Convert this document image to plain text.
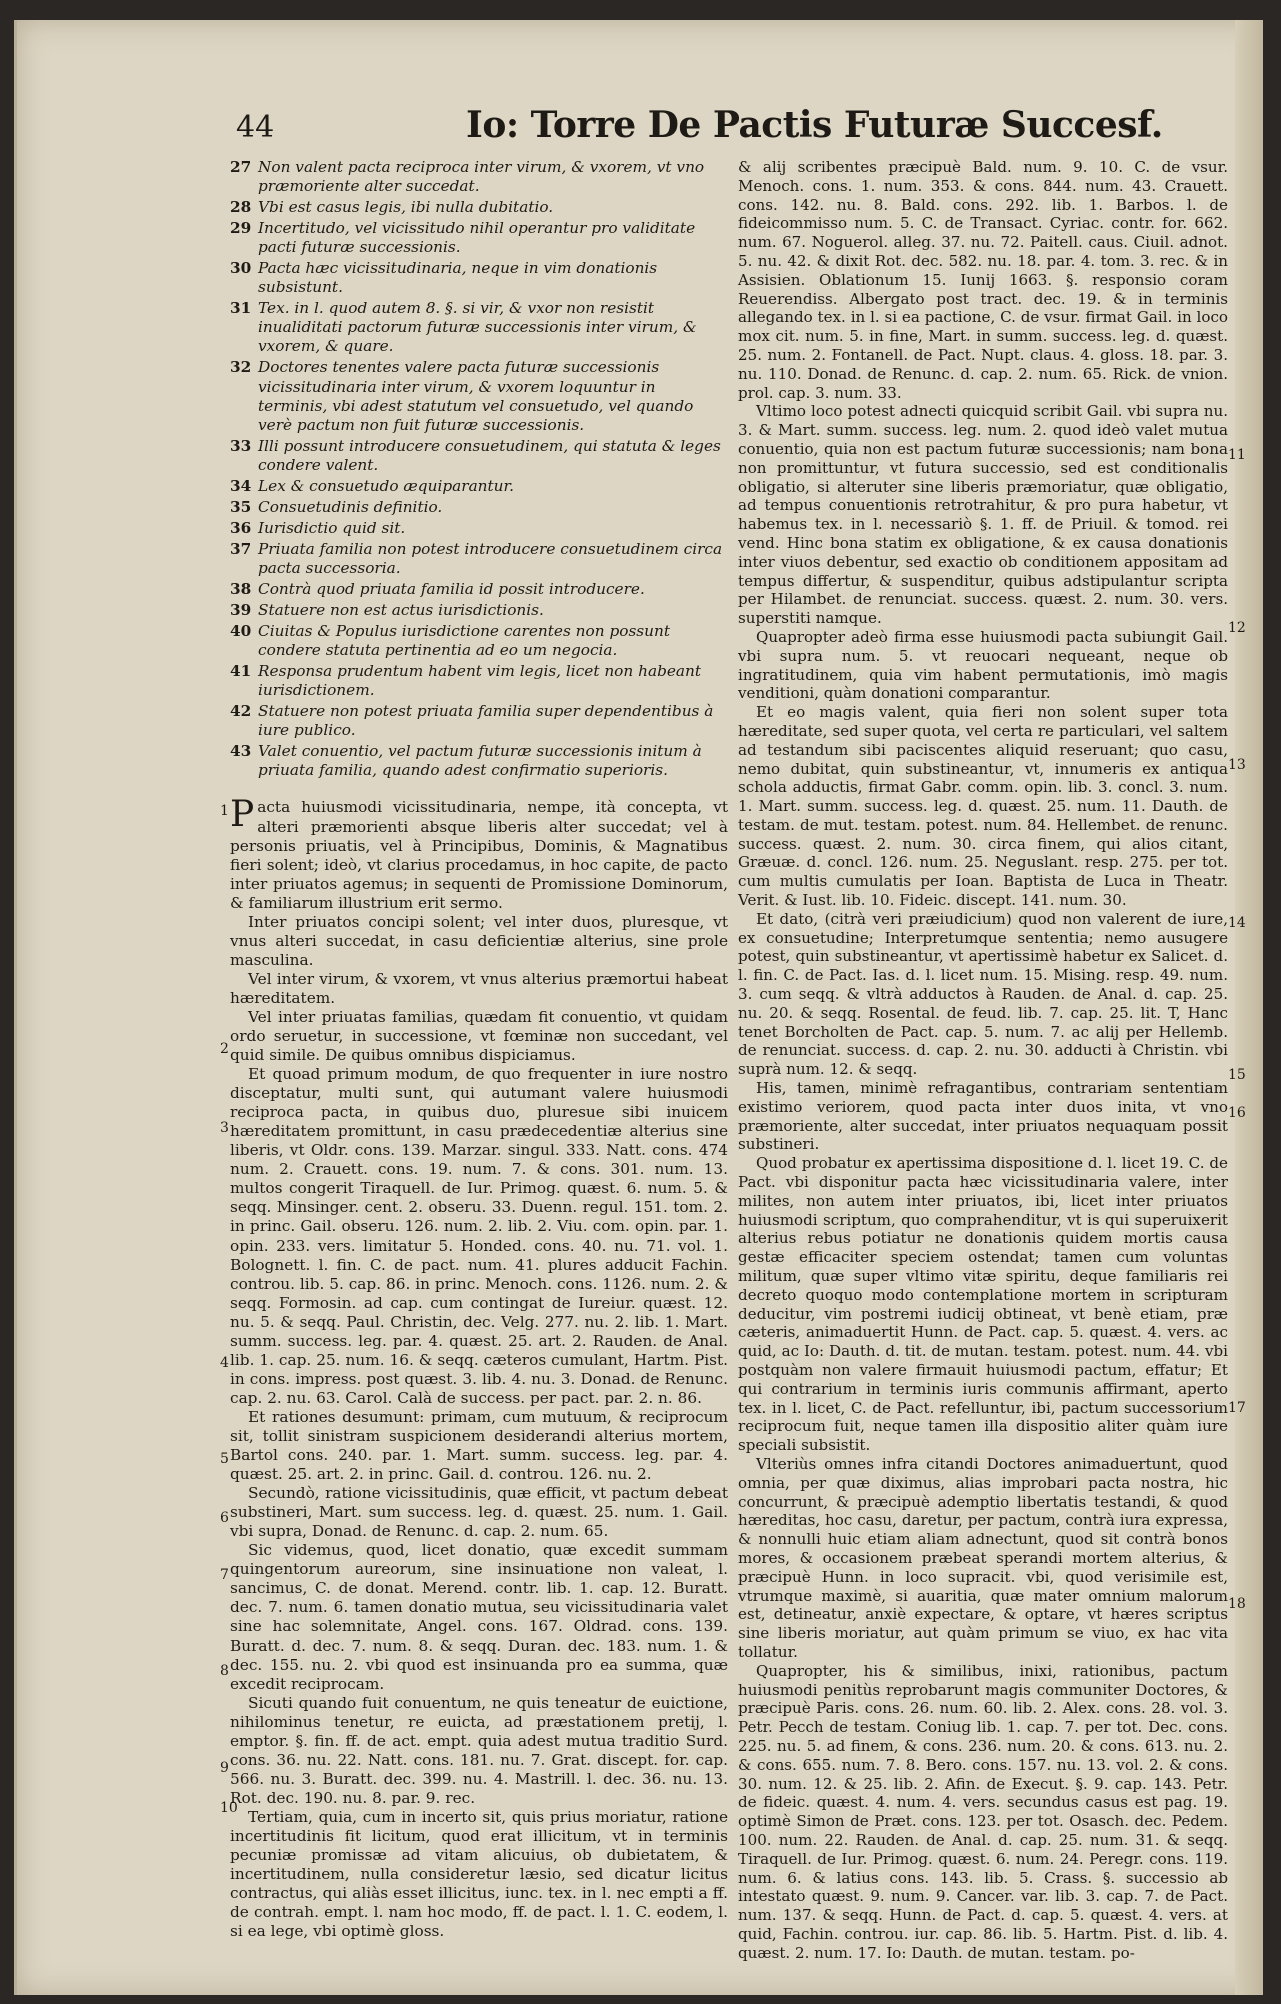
44	Io: Torre De Pactis Futuræ Succesf.

27 Non valent pacta reciproca inter virum, & vxorem, vt vno præmoriente alter succedat.

28 Vbi est casus legis, ibi nulla dubitatio.

29 Incertitudo, vel vicissitudo nihil operantur pro validitate pacti futuræ successionis.

30 Pacta hæc vicissitudinaria, neque in vim donationis subsistunt.

31 Tex. in l. quod autem 8. §. si vir, & vxor non resistit inualiditati pactorum futuræ successionis inter virum, & vxorem, & quare.

32 Doctores tenentes valere pacta futuræ successionis vicissitudinaria inter virum, & vxorem loquuntur in terminis, vbi adest statutum vel consuetudo, vel quando verè pactum non fuit futuræ successionis.

33 Illi possunt introducere consuetudinem, qui statuta & leges condere valent.

34 Lex & consuetudo æquiparantur.

35 Consuetudinis definitio.

36 Iurisdictio quid sit.

37 Priuata familia non potest introducere consuetudinem circa pacta successoria.

38 Contrà quod priuata familia id possit introducere.

39 Statuere non est actus iurisdictionis.

40 Ciuitas & Populus iurisdictione carentes non possunt condere statuta pertinentia ad eo um negocia.

41 Responsa prudentum habent vim legis, licet non habeant iurisdictionem.

42 Statuere non potest priuata familia super dependentibus à iure publico.

43 Valet conuentio, vel pactum futuræ successionis initum à priuata familia, quando adest confirmatio superioris.

Pacta huiusmodi vicissitudinaria, nempe, ità concepta, vt alteri præmorienti absque liberis alter succedat; vel à personis priuatis, vel à Principibus, Dominis, & Magnatibus fieri solent; ideò, vt clarius procedamus, in hoc capite, de pacto inter priuatos agemus; in sequenti de Promissione Dominorum, & familiarum illustrium erit sermo.

Inter priuatos concipi solent; vel inter duos, pluresque, vt vnus alteri succedat, in casu deficientiæ alterius, sine prole masculina.

Vel inter virum, & vxorem, vt vnus alterius præmortui habeat hæreditatem.

Vel inter priuatas familias, quædam fit conuentio, vt quidam ordo seruetur, in successione, vt fœminæ non succedant, vel quid simile. De quibus omnibus dispiciamus.

Et quoad primum modum, de quo frequenter in iure nostro disceptatur, multi sunt, qui autumant valere huiusmodi reciproca pacta, in quibus duo, pluresue sibi inuicem hæreditatem promittunt, in casu prædecedentiæ alterius sine liberis, vt Oldr. cons. 139. Marzar. singul. 333. Natt. cons. 474 num. 2. Crauett. cons. 19. num. 7. & cons. 301. num. 13. multos congerit Tiraquell. de Iur. Primog. quæst. 6. num. 5. & seqq. Minsinger. cent. 2. obseru. 33. Duenn. regul. 151. tom. 2. in princ. Gail. obseru. 126. num. 2. lib. 2. Viu. com. opin. par. 1. opin. 233. vers. limitatur 5. Honded. cons. 40. nu. 71. vol. 1. Bolognett. l. fin. C. de pact. num. 41. plures adducit Fachin. controu. lib. 5. cap. 86. in princ. Menoch. cons. 1126. num. 2. & seqq. Formosin. ad cap. cum contingat de Iureiur. quæst. 12. nu. 5. & seqq. Paul. Christin, dec. Velg. 277. nu. 2. lib. 1. Mart. summ. success. leg. par. 4. quæst. 25. art. 2. Rauden. de Anal. lib. 1. cap. 25. num. 16. & seqq. cæteros cumulant, Hartm. Pist. in cons. impress. post quæst. 3. lib. 4. nu. 3. Donad. de Renunc. cap. 2. nu. 63. Carol. Calà de success. per pact. par. 2. n. 86.

Et rationes desumunt: primam, cum mutuum, & reciprocum sit, tollit sinistram suspicionem desiderandi alterius mortem, Bartol cons. 240. par. 1. Mart. summ. success. leg. par. 4. quæst. 25. art. 2. in princ. Gail. d. controu. 126. nu. 2.

Secundò, ratione vicissitudinis, quæ efficit, vt pactum debeat substineri, Mart. sum success. leg. d. quæst. 25. num. 1. Gail. vbi supra, Donad. de Renunc. d. cap. 2. num. 65.

Sic videmus, quod, licet donatio, quæ excedit summam quingentorum aureorum, sine insinuatione non valeat, l. sancimus, C. de donat. Merend. contr. lib. 1. cap. 12. Buratt. dec. 7. num. 6. tamen donatio mutua, seu vicissitudinaria valet sine hac solemnitate, Angel. cons. 167. Oldrad. cons. 139. Buratt. d. dec. 7. num. 8. & seqq. Duran. dec. 183. num. 1. & dec. 155. nu. 2. vbi quod est insinuanda pro ea summa, quæ excedit reciprocam.

Sicuti quando fuit conuentum, ne quis teneatur de euictione, nihilominus tenetur, re euicta, ad præstationem pretij, l. emptor. §. fin. ff. de act. empt. quia adest mutua traditio Surd. cons. 36. nu. 22. Natt. cons. 181. nu. 7. Grat. discept. for. cap. 566. nu. 3. Buratt. dec. 399. nu. 4. Mastrill. l. dec. 36. nu. 13. Rot. dec. 190. nu. 8. par. 9. rec.

Tertiam, quia, cum in incerto sit, quis prius moriatur, ratione incertitudinis fit licitum, quod erat illicitum, vt in terminis pecuniæ promissæ ad vitam alicuius, ob dubietatem, & incertitudinem, nulla consideretur læsio, sed dicatur licitus contractus, qui aliàs esset illicitus, iunc. tex. in l. nec empti a ff. de contrah. empt. l. nam hoc modo, ff. de pact. l. 1. C. eodem, l. si ea lege, vbi optimè gloss.

& alij scribentes præcipuè Bald. num. 9. 10. C. de vsur. Menoch. cons. 1. num. 353. & cons. 844. num. 43. Crauett. cons. 142. nu. 8. Bald. cons. 292. lib. 1. Barbos. l. de fideicommisso num. 5. C. de Transact. Cyriac. contr. for. 662. num. 67. Noguerol. alleg. 37. nu. 72. Paitell. caus. Ciuil. adnot. 5. nu. 42. & dixit Rot. dec. 582. nu. 18. par. 4. tom. 3. rec. & in Assisien. Oblationum 15. Iunij 1663. §. responsio coram Reuerendiss. Albergato post tract. dec. 19. & in terminis allegando tex. in l. si ea pactione, C. de vsur. firmat Gail. in loco mox cit. num. 5. in fine, Mart. in summ. success. leg. d. quæst. 25. num. 2. Fontanell. de Pact. Nupt. claus. 4. gloss. 18. par. 3. nu. 110. Donad. de Renunc. d. cap. 2. num. 65. Rick. de vnion. prol. cap. 3. num. 33.

Vltimo loco potest adnecti quicquid scribit Gail. vbi supra nu. 3. & Mart. summ. success. leg. num. 2. quod ideò valet mutua conuentio, quia non est pactum futuræ successionis; nam bona non promittuntur, vt futura successio, sed est conditionalis obligatio, si alteruter sine liberis præmoriatur, quæ obligatio, ad tempus conuentionis retrotrahitur, & pro pura habetur, vt habemus tex. in l. necessariò §. 1. ff. de Priuil. & tomod. rei vend. Hinc bona statim ex obligatione, & ex causa donationis inter viuos debentur, sed exactio ob conditionem appositam ad tempus differtur, & suspenditur, quibus adstipulantur scripta per Hilambet. de renunciat. success. quæst. 2. num. 30. vers. superstiti namque.

Quapropter adeò firma esse huiusmodi pacta subiungit Gail. vbi supra num. 5. vt reuocari nequeant, neque ob ingratitudinem, quia vim habent permutationis, imò magis venditioni, quàm donationi comparantur.

Et eo magis valent, quia fieri non solent super tota hæreditate, sed super quota, vel certa re particulari, vel saltem ad testandum sibi paciscentes aliquid reseruant; quo casu, nemo dubitat, quin substineantur, vt, innumeris ex antiqua schola adductis, firmat Gabr. comm. opin. lib. 3. concl. 3. num. 1. Mart. summ. success. leg. d. quæst. 25. num. 11. Dauth. de testam. de mut. testam. potest. num. 84. Hellembet. de renunc. success. quæst. 2. num. 30. circa finem, qui alios citant, Græuæ. d. concl. 126. num. 25. Neguslant. resp. 275. per tot. cum multis cumulatis per Ioan. Baptista de Luca in Theatr. Verit. & Iust. lib. 10. Fideic. discept. 141. num. 30.

Et dato, (citrà veri præiudicium) quod non valerent de iure, ex consuetudine; Interpretumque sententia; nemo ausugere potest, quin substineantur, vt apertissimè habetur ex Salicet. d. l. fin. C. de Pact. Ias. d. l. licet num. 15. Mising. resp. 49. num. 3. cum seqq. & vltrà adductos à Rauden. de Anal. d. cap. 25. nu. 20. & seqq. Rosental. de feud. lib. 7. cap. 25. lit. T, Hanc tenet Borcholten de Pact. cap. 5. num. 7. ac alij per Hellemb. de renunciat. success. d. cap. 2. nu. 30. adducti à Christin. vbi suprà num. 12. & seqq.

His, tamen, minimè refragantibus, contrariam sententiam existimo veriorem, quod pacta inter duos inita, vt vno præmoriente, alter succedat, inter priuatos nequaquam possit substineri.

Quod probatur ex apertissima dispositione d. l. licet 19. C. de Pact. vbi disponitur pacta hæc vicissitudinaria valere, inter milites, non autem inter priuatos, ibi, licet inter priuatos huiusmodi scriptum, quo comprahenditur, vt is qui superuixerit alterius rebus potiatur ne donationis quidem mortis causa gestæ efficaciter speciem ostendat; tamen cum voluntas militum, quæ super vltimo vitæ spiritu, deque familiaris rei decreto quoquo modo contemplatione mortem in scripturam deducitur, vim postremi iudicij obtineat, vt benè etiam, præ cæteris, animaduertit Hunn. de Pact. cap. 5. quæst. 4. vers. ac quid, ac Io: Dauth. d. tit. de mutan. testam. potest. num. 44. vbi postquàm non valere firmauit huiusmodi pactum, effatur; Et qui contrarium in terminis iuris communis affirmant, aperto tex. in l. licet, C. de Pact. refelluntur, ibi, pactum successorium reciprocum fuit, neque tamen illa dispositio aliter quàm iure speciali subsistit.

Vlteriùs omnes infra citandi Doctores animaduertunt, quod omnia, per quæ diximus, alias improbari pacta nostra, hic concurrunt, & præcipuè ademptio libertatis testandi, & quod hæreditas, hoc casu, daretur, per pactum, contrà iura expressa, & nonnulli huic etiam aliam adnectunt, quod sit contrà bonos mores, & occasionem præbeat sperandi mortem alterius, & præcipuè Hunn. in loco supracit. vbi, quod verisimile est, vtrumque maximè, si auaritia, quæ mater omnium malorum est, detineatur, anxiè expectare, & optare, vt hæres scriptus sine liberis moriatur, aut quàm primum se viuo, ex hac vita tollatur.

Quapropter, his & similibus, inixi, rationibus, pactum huiusmodi penitùs reprobarunt magis communiter Doctores, & præcipuè Paris. cons. 26. num. 60. lib. 2. Alex. cons. 28. vol. 3. Petr. Pecch de testam. Coniug lib. 1. cap. 7. per tot. Dec. cons. 225. nu. 5. ad finem, & cons. 236. num. 20. & cons. 613. nu. 2. & cons. 655. num. 7. 8. Bero. cons. 157. nu. 13. vol. 2. & cons. 30. num. 12. & 25. lib. 2. Afin. de Execut. §. 9. cap. 143. Petr. de fideic. quæst. 4. num. 4. vers. secundus casus est pag. 19. optimè Simon de Præt. cons. 123. per tot. Osasch. dec. Pedem. 100. num. 22. Rauden. de Anal. d. cap. 25. num. 31. & seqq. Tiraquell. de Iur. Primog. quæst. 6. num. 24. Peregr. cons. 119. num. 6. & latius cons. 143. lib. 5. Crass. §. successio ab intestato quæst. 9. num. 9. Cancer. var. lib. 3. cap. 7. de Pact. num. 137. & seqq. Hunn. de Pact. d. cap. 5. quæst. 4. vers. at quid, Fachin. controu. iur. cap. 86. lib. 5. Hartm. Pist. d. lib. 4. quæst. 2. num. 17. Io: Dauth. de mutan. testam. po-

1
2
3
4
5
6
7
8
9
10
11
12
13
14
15
16
17
18
